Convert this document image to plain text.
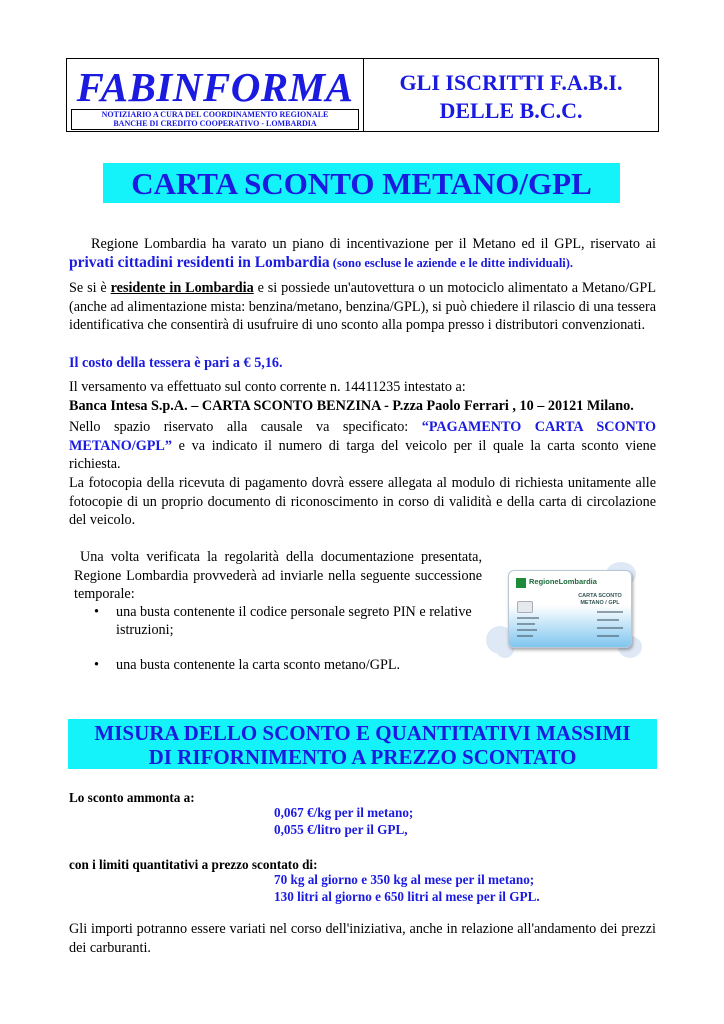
FABINFORMA
NOTIZIARIO A CURA DEL COORDINAMENTO REGIONALE
BANCHE DI CREDITO COOPERATIVO - LOMBARDIA
GLI ISCRITTI F.A.B.I.
DELLE B.C.C.
CARTA SCONTO METANO/GPL
Regione Lombardia ha varato un piano di incentivazione per il Metano ed il GPL, riservato ai privati cittadini residenti in Lombardia (sono escluse le aziende e le ditte individuali).
Se si è residente in Lombardia e si possiede un'autovettura o un motociclo alimentato a Metano/GPL (anche ad alimentazione mista: benzina/metano, benzina/GPL), si può chiedere il rilascio di una tessera identificativa che consentirà di usufruire di uno sconto alla pompa presso i distributori convenzionati.
Il costo della tessera è pari a € 5,16.
Il versamento va effettuato sul conto corrente n. 14411235 intestato a:
Banca Intesa S.p.A. – CARTA SCONTO BENZINA - P.zza Paolo Ferrari , 10 – 20121 Milano.
Nello spazio riservato alla causale va specificato: “PAGAMENTO CARTA SCONTO METANO/GPL” e va indicato il numero di targa del veicolo per il quale la carta sconto viene richiesta.
La fotocopia della ricevuta di pagamento dovrà essere allegata al modulo di richiesta unitamente alle fotocopie di un proprio documento di riconoscimento in corso di validità e della carta di circolazione del veicolo.
Una volta verificata la regolarità della documentazione presentata, Regione Lombardia provvederà ad inviarle nella seguente successione temporale:
• una busta contenente il codice personale segreto PIN e relative istruzioni;
• una busta contenente la carta sconto metano/GPL.
RegioneLombardia
CARTA SCONTO
METANO / GPL
MISURA DELLO SCONTO E QUANTITATIVI MASSIMI
DI RIFORNIMENTO A PREZZO SCONTATO
Lo sconto ammonta a:
0,067 €/kg per il metano;
0,055 €/litro per il GPL,
con i limiti quantitativi a prezzo scontato di:
70 kg al giorno e 350 kg al mese per il metano;
130 litri al giorno e 650 litri al mese per il GPL.
Gli importi potranno essere variati nel corso dell'iniziativa, anche in relazione all'andamento dei prezzi dei carburanti.
